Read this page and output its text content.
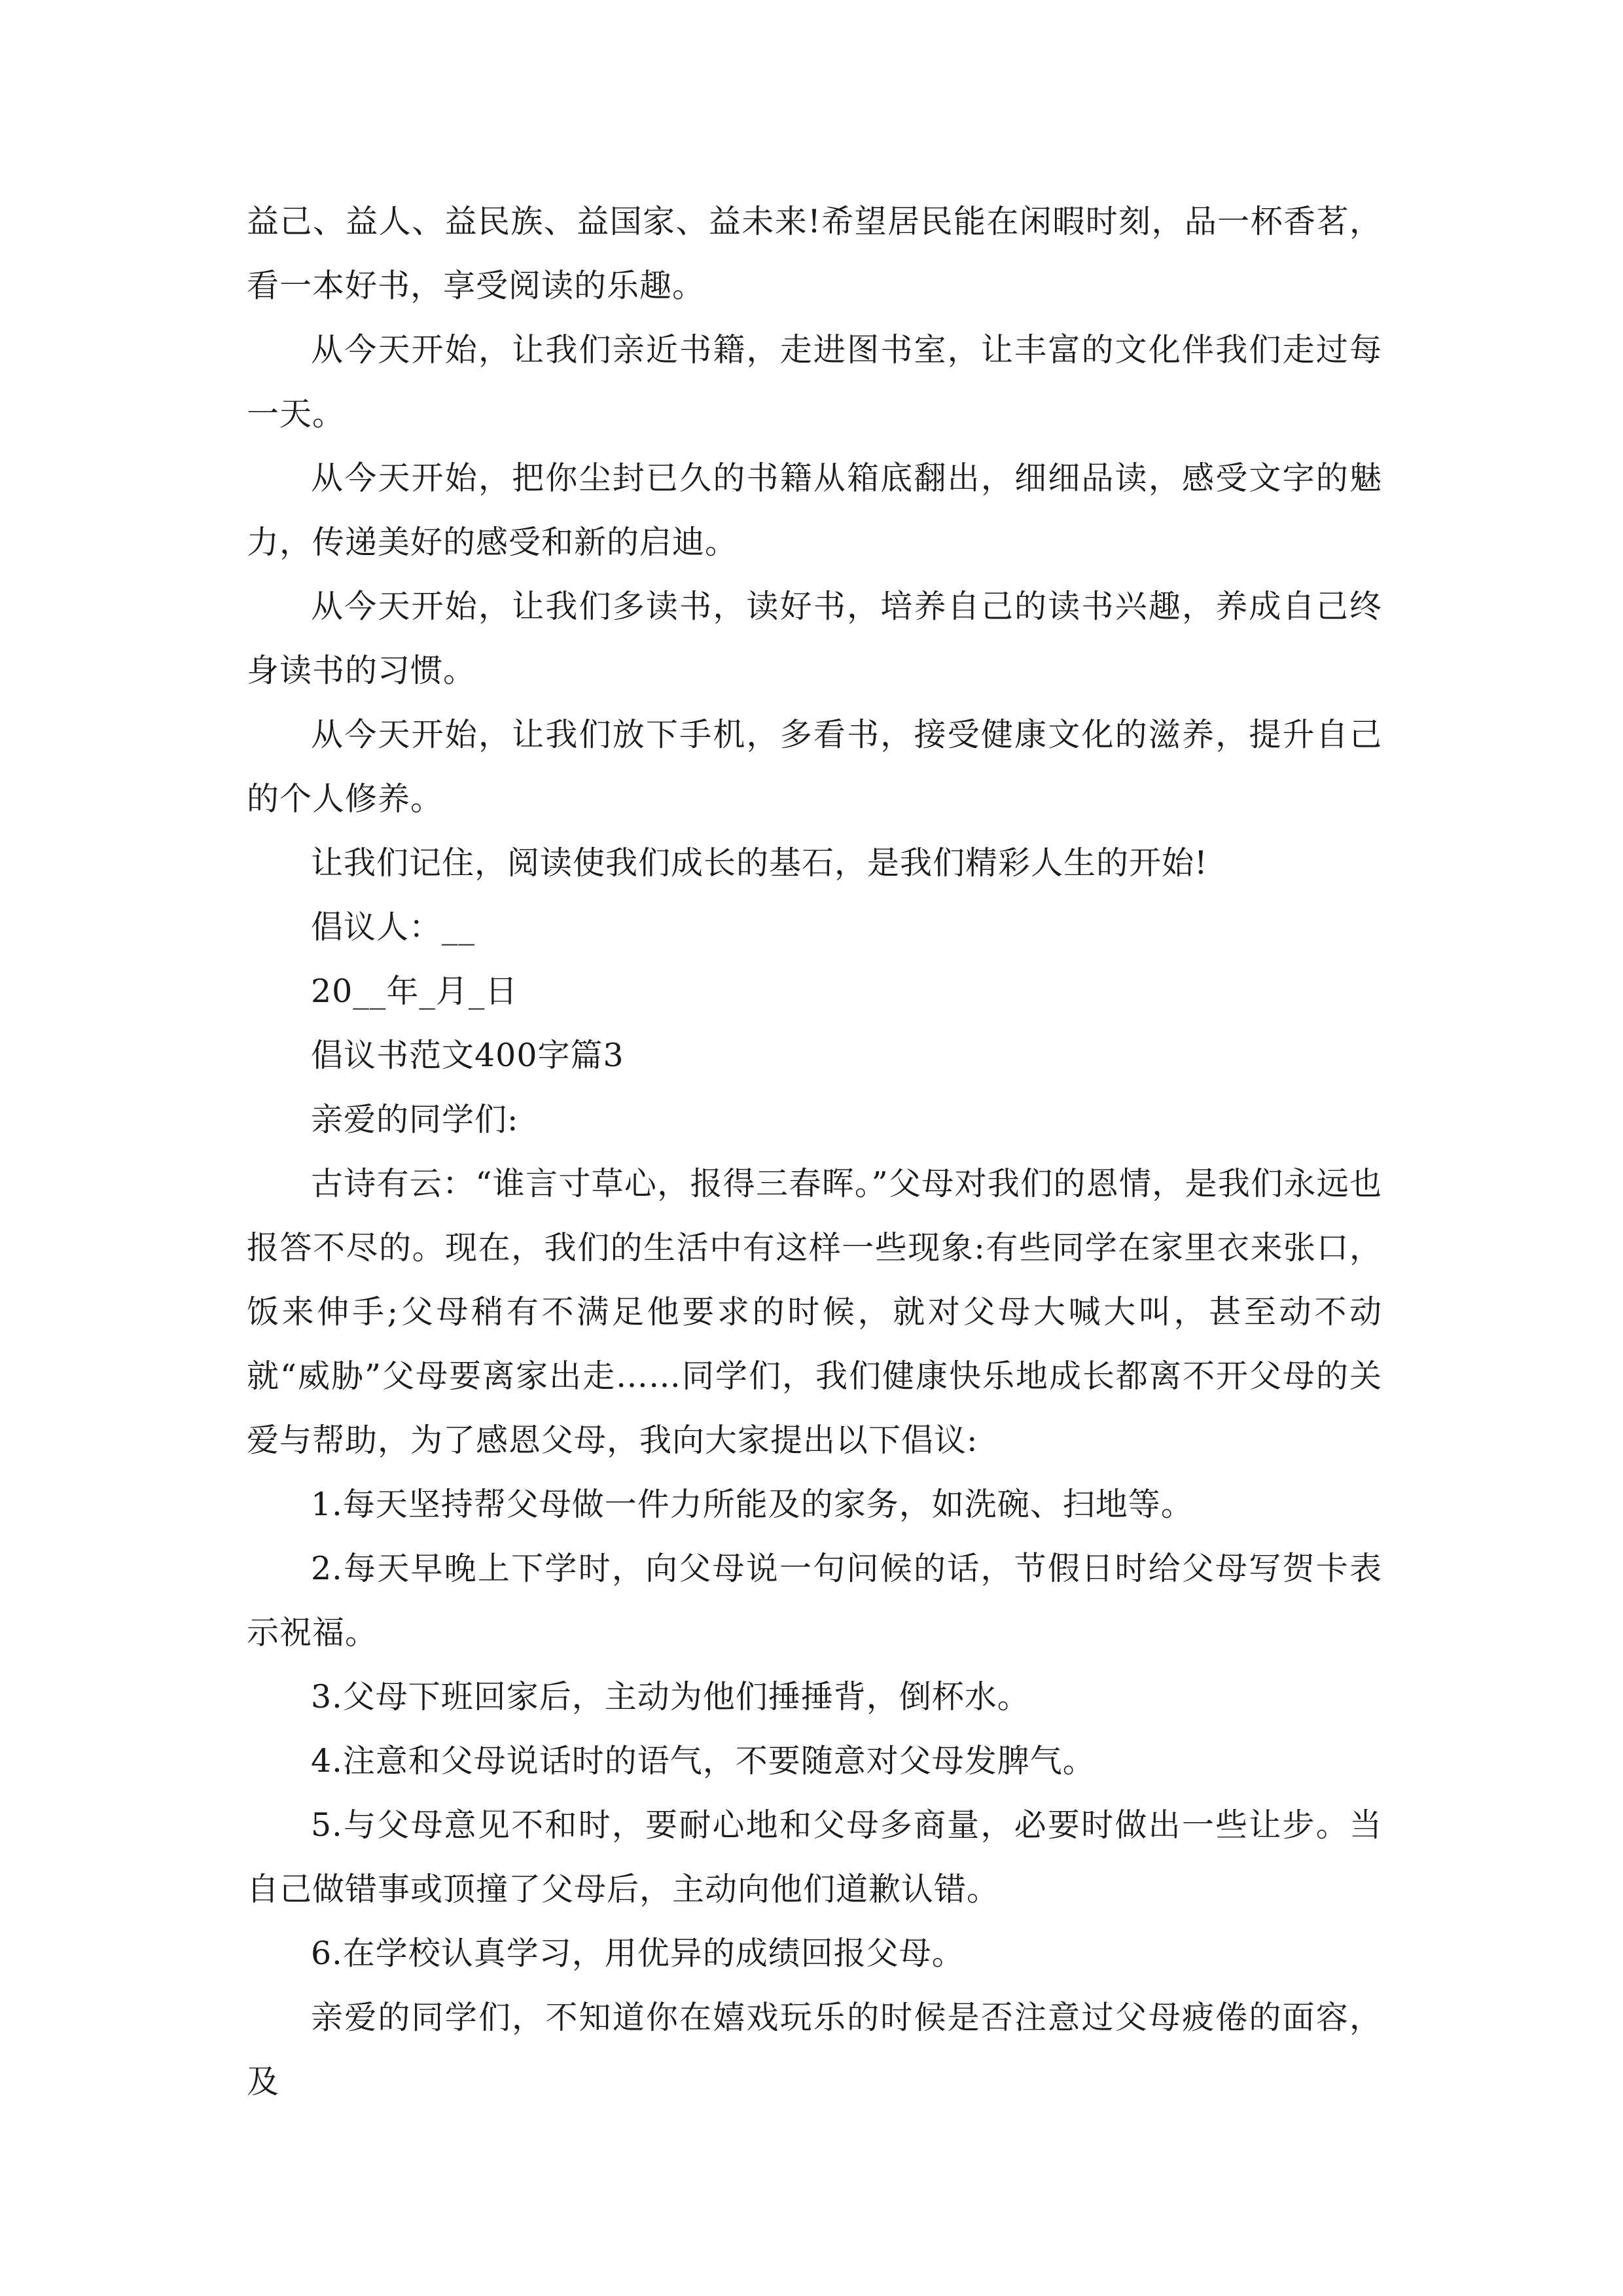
益己、益人、益民族、益国家、益未来!希望居民能在闲暇时刻，品一杯香茗，看一本好书，享受阅读的乐趣。

从今天开始，让我们亲近书籍，走进图书室，让丰富的文化伴我们走过每一天。

从今天开始，把你尘封已久的书籍从箱底翻出，细细品读，感受文字的魅力，传递美好的感受和新的启迪。

从今天开始，让我们多读书，读好书，培养自己的读书兴趣，养成自己终身读书的习惯。

从今天开始，让我们放下手机，多看书，接受健康文化的滋养，提升自己的个人修养。

让我们记住，阅读使我们成长的基石，是我们精彩人生的开始!

倡议人：__

20__年_月_日

倡议书范文400字篇3

亲爱的同学们:

古诗有云：“谁言寸草心，报得三春晖。”父母对我们的恩情，是我们永远也报答不尽的。现在，我们的生活中有这样一些现象:有些同学在家里衣来张口，饭来伸手;父母稍有不满足他要求的时候，就对父母大喊大叫，甚至动不动就“威胁”父母要离家出走……同学们，我们健康快乐地成长都离不开父母的关爱与帮助，为了感恩父母，我向大家提出以下倡议:

1.每天坚持帮父母做一件力所能及的家务，如洗碗、扫地等。

2.每天早晚上下学时，向父母说一句问候的话，节假日时给父母写贺卡表示祝福。

3.父母下班回家后，主动为他们捶捶背，倒杯水。

4.注意和父母说话时的语气，不要随意对父母发脾气。

5.与父母意见不和时，要耐心地和父母多商量，必要时做出一些让步。当自己做错事或顶撞了父母后，主动向他们道歉认错。

6.在学校认真学习，用优异的成绩回报父母。

亲爱的同学们，不知道你在嬉戏玩乐的时候是否注意过父母疲倦的面容，及
